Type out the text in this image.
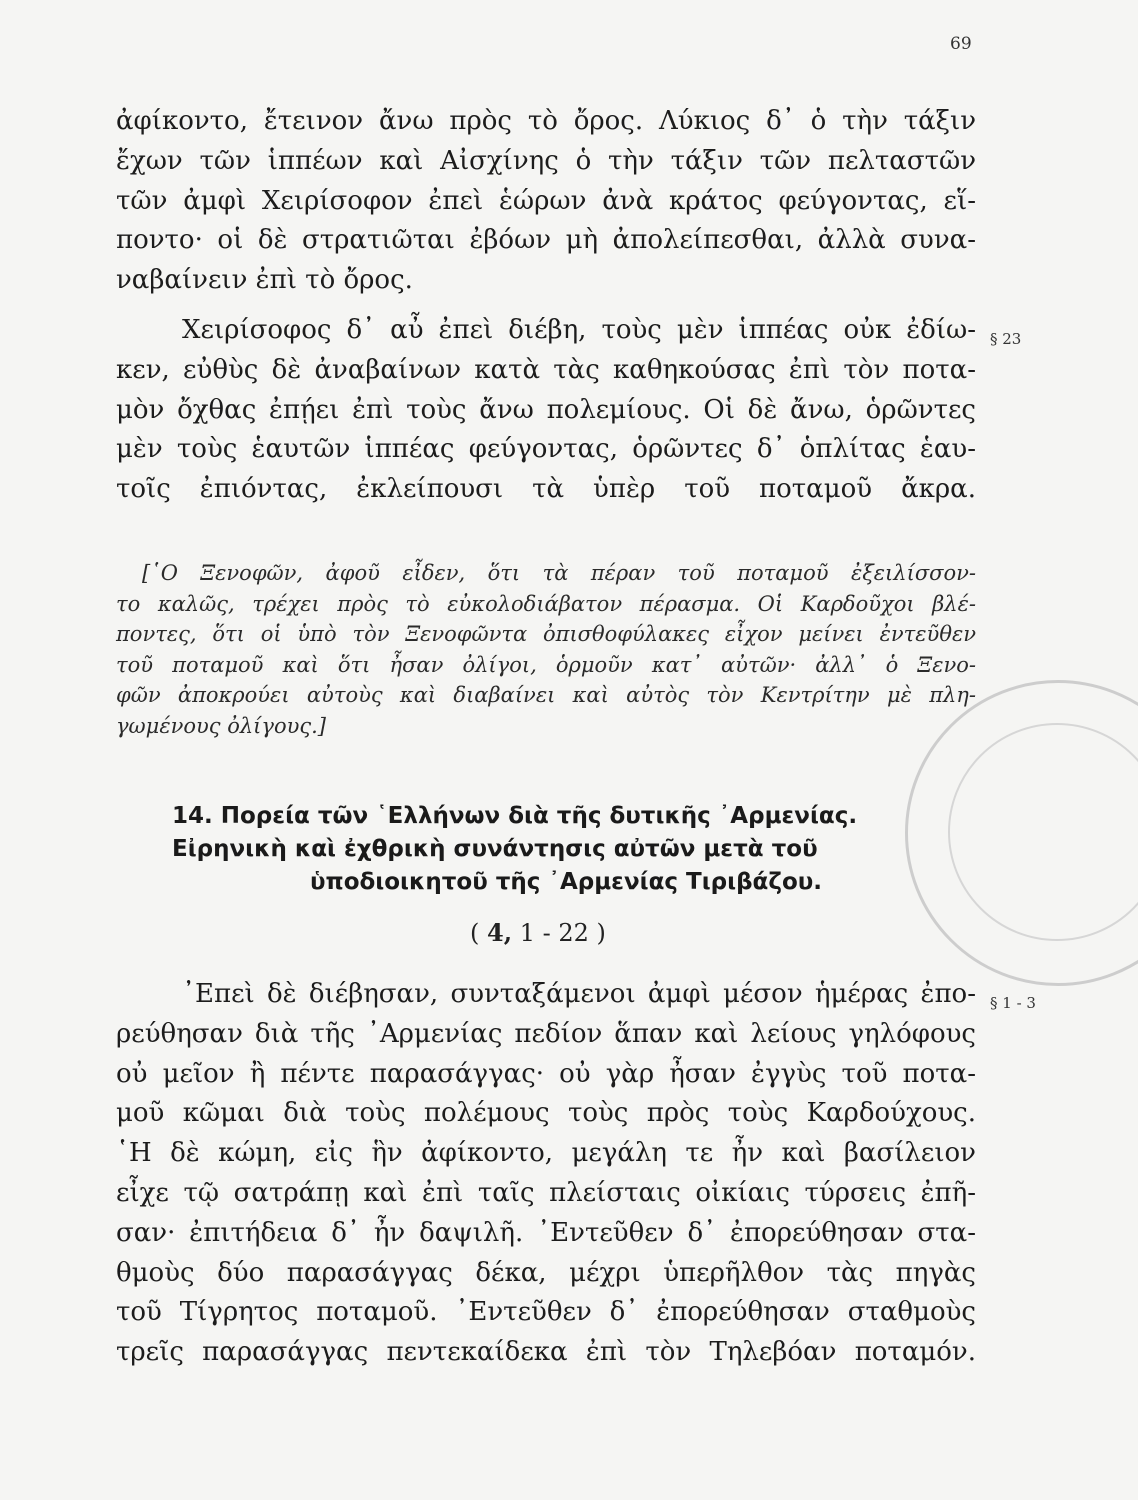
69
ἀφίκοντο, ἔτεινον ἄνω πρὸς τὸ ὄρος. Λύκιος δ᾿ ὁ τὴν τάξιν
ἔχων τῶν ἱππέων καὶ Αἰσχίνης ὁ τὴν τάξιν τῶν πελταστῶν
τῶν ἀμφὶ Χειρίσοφον ἐπεὶ ἑώρων ἀνὰ κράτος φεύγοντας, εἵ-
ποντο· οἱ δὲ στρατιῶται ἐβόων μὴ ἀπολείπεσθαι, ἀλλὰ συνα-
ναβαίνειν ἐπὶ τὸ ὄρος.
Χειρίσοφος δ᾿ αὖ ἐπεὶ διέβη, τοὺς μὲν ἱππέας οὐκ ἐδίω-
κεν, εὐθὺς δὲ ἀναβαίνων κατὰ τὰς καθηκούσας ἐπὶ τὸν ποτα-
μὸν ὄχθας ἐπῄει ἐπὶ τοὺς ἄνω πολεμίους. Οἱ δὲ ἄνω, ὁρῶντες
μὲν τοὺς ἑαυτῶν ἱππέας φεύγοντας, ὁρῶντες δ᾿ ὁπλίτας ἑαυ-
τοῖς ἐπιόντας, ἐκλείπουσι τὰ ὑπὲρ τοῦ ποταμοῦ ἄκρα.
§ 23
[῾Ο Ξενοφῶν, ἀφοῦ εἶδεν, ὅτι τὰ πέραν τοῦ ποταμοῦ ἐξειλίσσον-
το καλῶς, τρέχει πρὸς τὸ εὐκολοδιάβατον πέρασμα. Οἱ Καρδοῦχοι βλέ-
ποντες, ὅτι οἱ ὑπὸ τὸν Ξενοφῶντα ὀπισθοφύλακες εἶχον μείνει ἐντεῦθεν
τοῦ ποταμοῦ καὶ ὅτι ἦσαν ὀλίγοι, ὁρμοῦν κατ᾿ αὐτῶν· ἀλλ᾿ ὁ Ξενο-
φῶν ἀποκρούει αὐτοὺς καὶ διαβαίνει καὶ αὐτὸς τὸν Κεντρίτην μὲ πλη-
γωμένους ὀλίγους.]
14. Πορεία τῶν ῾Ελλήνων διὰ τῆς δυτικῆς ᾿Αρμενίας.
Εἰρηνικὴ καὶ ἐχθρικὴ συνάντησις αὐτῶν μετὰ τοῦ
ὑποδιοικητοῦ τῆς ᾿Αρμενίας Τιριβάζου.
( 4, 1 - 22 )
᾿Επεὶ δὲ διέβησαν, συνταξάμενοι ἀμφὶ μέσον ἡμέρας ἐπο-
ρεύθησαν διὰ τῆς ᾿Αρμενίας πεδίον ἅπαν καὶ λείους γηλόφους
οὐ μεῖον ἢ πέντε παρασάγγας· οὐ γὰρ ἦσαν ἐγγὺς τοῦ ποτα-
μοῦ κῶμαι διὰ τοὺς πολέμους τοὺς πρὸς τοὺς Καρδούχους.
῾Η δὲ κώμη, εἰς ἣν ἀφίκοντο, μεγάλη τε ἦν καὶ βασίλειον
εἶχε τῷ σατράπῃ καὶ ἐπὶ ταῖς πλείσταις οἰκίαις τύρσεις ἐπῆ-
σαν· ἐπιτήδεια δ᾿ ἦν δαψιλῆ. ᾿Εντεῦθεν δ᾿ ἐπορεύθησαν στα-
θμοὺς δύο παρασάγγας δέκα, μέχρι ὑπερῆλθον τὰς πηγὰς
τοῦ Τίγρητος ποταμοῦ. ᾿Εντεῦθεν δ᾿ ἐπορεύθησαν σταθμοὺς
τρεῖς παρασάγγας πεντεκαίδεκα ἐπὶ τὸν Τηλεβόαν ποταμόν.
§ 1 - 3
